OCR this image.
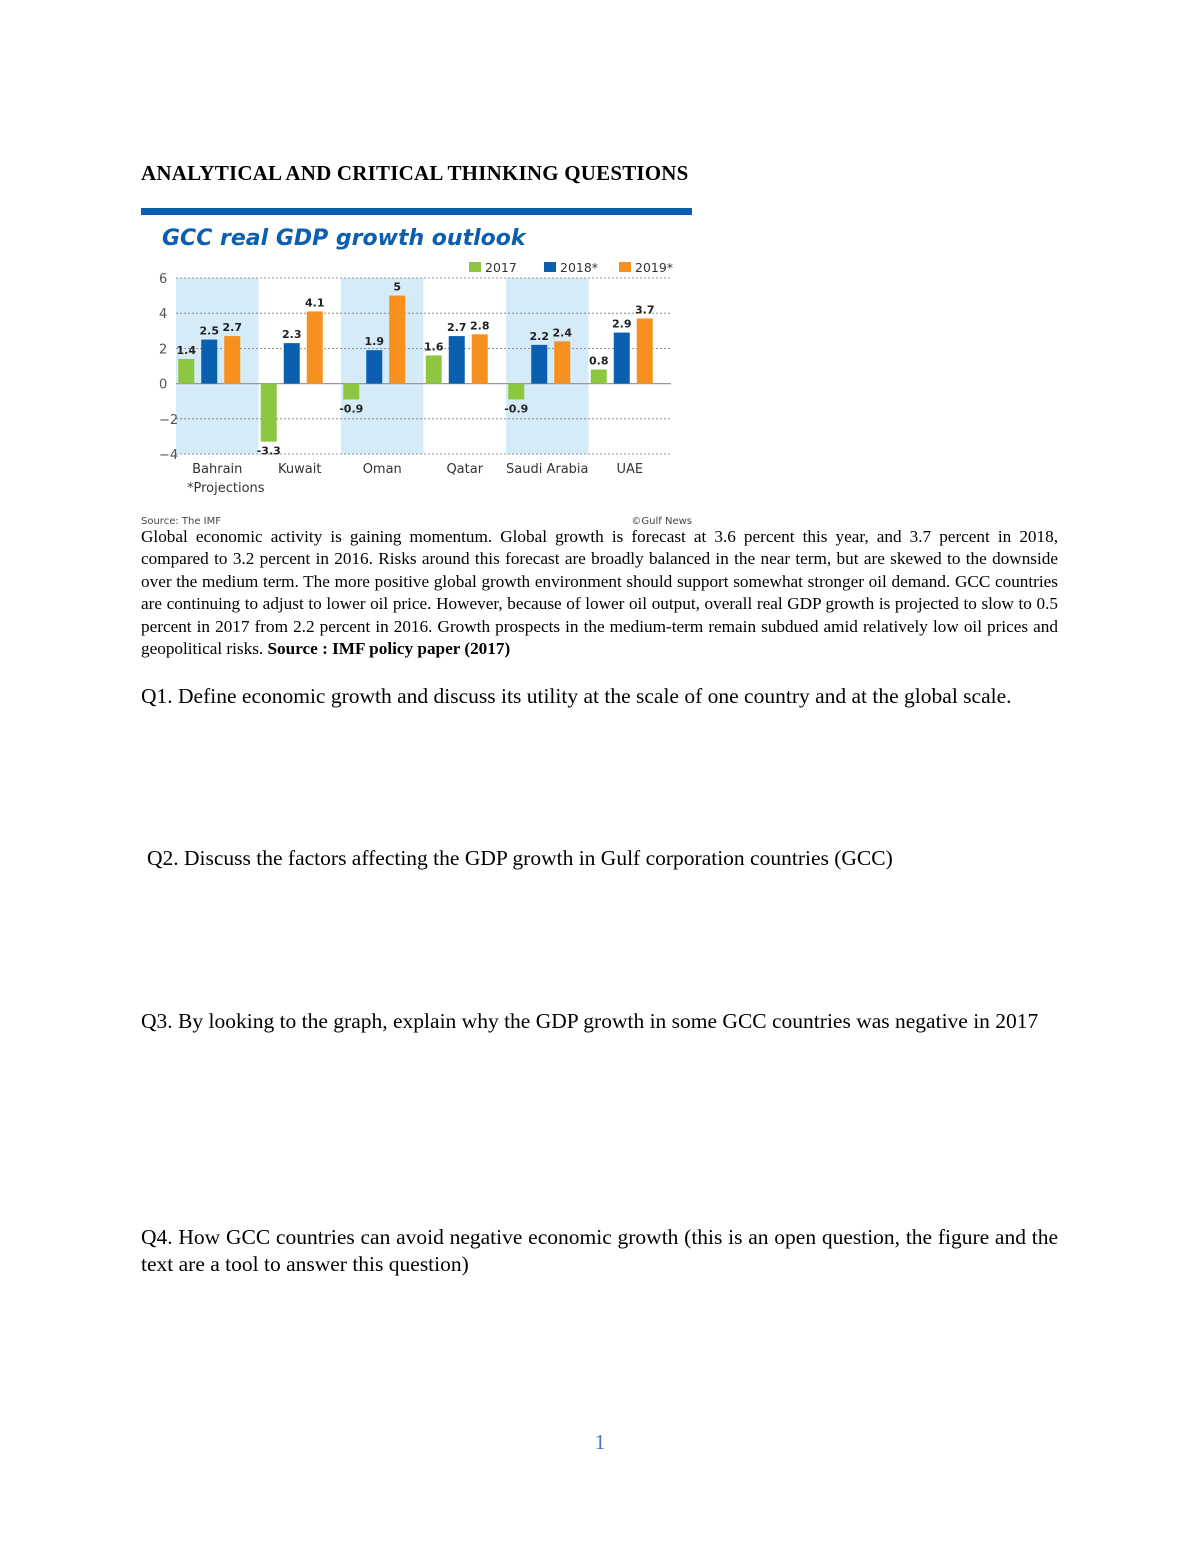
ANALYTICAL AND CRITICAL THINKING QUESTIONS
GCC real GDP growth outlook
6
4
2
0
−2
−4
1.4
2.5 2.7
-3.3
2.3
4.1
-0.9
1.9
5
1.6
2.7 2.8
-0.9
2.2 2.4
0.8
2.9
3.7
Bahrain	Kuwait	Oman	Qatar Saudi Arabia UAE
2017	2018*	2019*
*Projections
Source: The IMF	©Gulf News
Global economic activity is gaining momentum. Global growth is forecast at 3.6 percent this year, and 3.7 percent in 2018, compared to 3.2 percent in 2016. Risks around this forecast are broadly balanced in the near term, but are skewed to the downside over the medium term. The more positive global growth environment should support somewhat stronger oil demand. GCC countries are continuing to adjust to lower oil price. However, because of lower oil output, overall real GDP growth is projected to slow to 0.5 percent in 2017 from 2.2 percent in 2016. Growth prospects in the medium-term remain subdued amid relatively low oil prices and geopolitical risks. Source : IMF policy paper (2017)
Q1. Define economic growth and discuss its utility at the scale of one country and at the global scale.
Q2. Discuss the factors affecting the GDP growth in Gulf corporation countries (GCC)
Q3. By looking to the graph, explain why the GDP growth in some GCC countries was negative in 2017
Q4. How GCC countries can avoid negative economic growth (this is an open question, the figure and the text are a tool to answer this question)
1
